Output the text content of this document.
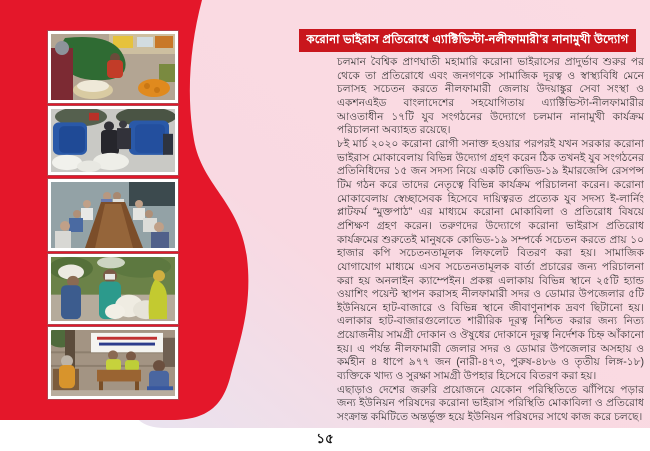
করোনা ভাইরাস প্রতিরোধে এ্যাক্টিভিস্টা-নলীফামারী'র নানামুখী উদ্যোগ

চলমান বৈশ্বিক প্রাণঘাতী মহামারি করোনা ভাইরাসের প্রাদুর্ভাব শুরুর পর থেকে তা প্রতিরোধে এবং জনগণকে সামাজিক দূরত্ব ও স্বাস্থ্যবিধি মেনে চলাসহ সচেতন করতে নীলফামারী জেলায় উদয়াঙ্কুর সেবা সংস্থা ও একশনএইড বাংলাদেশের সহযোগিতায় এ্যাক্টিভিস্টা-নীলফামারীর আওতাধীন ১৭টি যুব সংগঠনের উদ্যোগে চলমান নানামুখী কার্যক্রম পরিচালনা অব্যাহত রয়েছে।

৮ই মার্চ ২০২০ করোনা রোগী সনাক্ত হওয়ার পরপরই যখন সরকার করোনা ভাইরাস মোকাবেলায় বিভিন্ন উদ্যোগ গ্রহণ করেন ঠিক তখনই যুব সংগঠনের প্রতিনিধিদের ১৫ জন সদস্য নিয়ে একটি কোভিড-১৯ ইমারজেন্সি রেসপন্স টিম গঠন করে তাদের নেতৃত্বে বিভিন্ন কার্যক্রম পরিচালনা করেন। করোনা মোকাবেলায় স্বেচ্ছাসেবক হিসেবে দায়িত্বরত প্রত্যেক যুব সদস্য ই-লার্নিং প্লাটফর্ম “মুক্তপাঠ” এর মাধ্যমে করোনা মোকাবিলা ও প্রতিরোধ বিষয়ে প্রশিক্ষণ গ্রহণ করেন। তরুণদের উদ্যোগে করোনা ভাইরাস প্রতিরোধ কার্যক্রমের শুরুতেই মানুষকে কোভিড-১৯ সম্পর্কে সচেতন করতে প্রায় ১০ হাজার কপি সচেতনতামূলক লিফলেট বিতরণ করা হয়। সামাজিক যোগাযোগ মাধ্যমে এসব সচেতনতামূলক বার্তা প্রচারের জন্য পরিচালনা করা হয় অনলাইন ক্যাম্পেইন। প্রকল্প এলাকায় বিভিন্ন স্থানে ২৫টি হ্যান্ড ওয়াশিং পয়েন্ট স্থাপন করাসহ নীলফামারী সদর ও ডোমার উপজেলার ৫টি ইউনিয়নে হাট-বাজারে ও বিভিন্ন স্থানে জীবাণুনাশক দ্রবণ ছিটানো হয়। এলাকার হাট-বাজারগুলোতে শারীরিক দূরত্ব নিশ্চিত করার জন্য নিত্য প্রয়োজনীয় সামগ্রী দোকান ও ঔষুধের দোকানে দূরত্ব নির্দেশক চিহ্ন আঁকানো হয়। এ পর্যন্ত নীলফামারী জেলার সদর ও ডোমার উপজেলার অসহায় ও কর্মহীন ৪ ধাপে ৯৭৭ জন (নারী-৪৭৩, পুরুষ-৪৮৬ ও তৃতীয় লিঙ্গ-১৮) ব্যক্তিকে খাদ্য ও সুরক্ষা সামগ্রী উপহার হিসেবে বিতরণ করা হয়।

এছাড়াও দেশের জরুরি প্রয়োজনে যেকোন পরিস্থিতিতে ঝাঁপিয়ে পড়ার জন্য ইউনিয়ন পরিষদের করোনা ভাইরাস পরিস্থিতি মোকাবিলা ও প্রতিরোধ সংক্রান্ত কমিটিতে অন্তর্ভুক্ত হয়ে ইউনিয়ন পরিষদের সাথে কাজ করে চলছে।

১৫
